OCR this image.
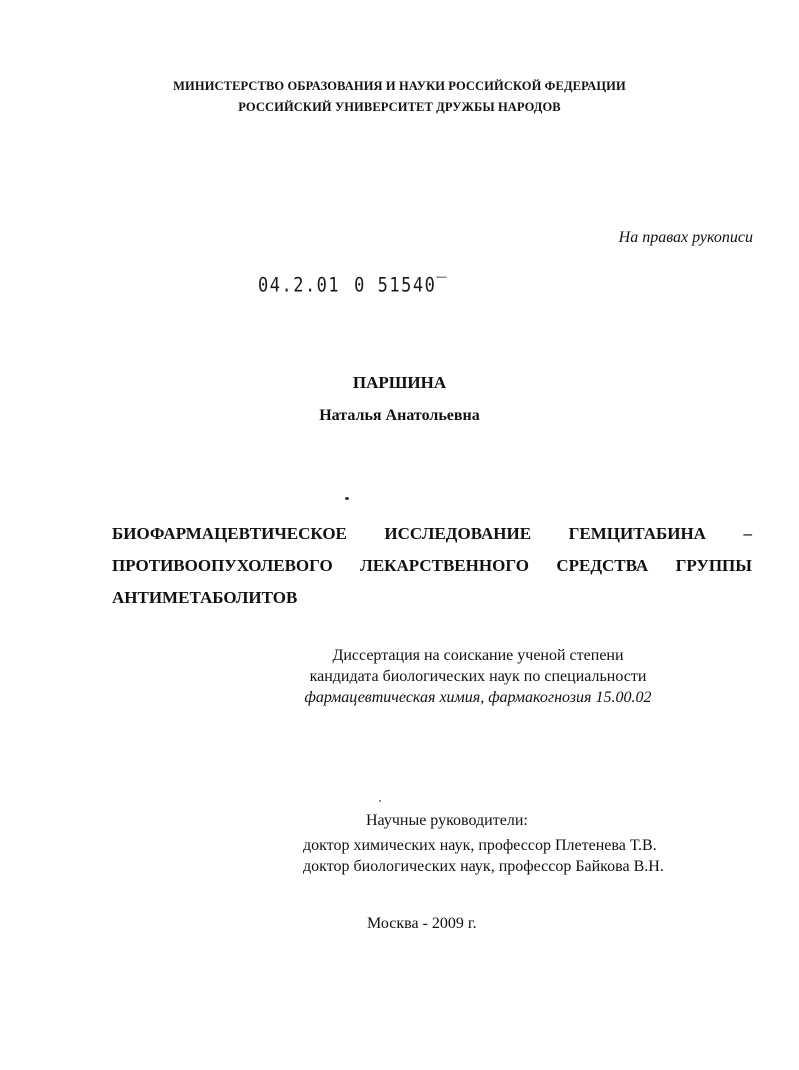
МИНИСТЕРСТВО ОБРАЗОВАНИЯ И НАУКИ РОССИЙСКОЙ ФЕДЕРАЦИИ
РОССИЙСКИЙ УНИВЕРСИТЕТ ДРУЖБЫ НАРОДОВ
На правах рукописи
04.2.01 0 51540‾
ПАРШИНА
Наталья Анатольевна
БИОФАРМАЦЕВТИЧЕСКОЕ ИССЛЕДОВАНИЕ ГЕМЦИТАБИНА –
ПРОТИВООПУХОЛЕВОГО ЛЕКАРСТВЕННОГО СРЕДСТВА ГРУППЫ
АНТИМЕТАБОЛИТОВ
Диссертация на соискание ученой степени
кандидата биологических наук по специальности
фармацевтическая химия, фармакогнозия 15.00.02
Научные руководители:
доктор химических наук, профессор Плетенева Т.В.
доктор биологических наук, профессор Байкова В.Н.
Москва - 2009 г.
